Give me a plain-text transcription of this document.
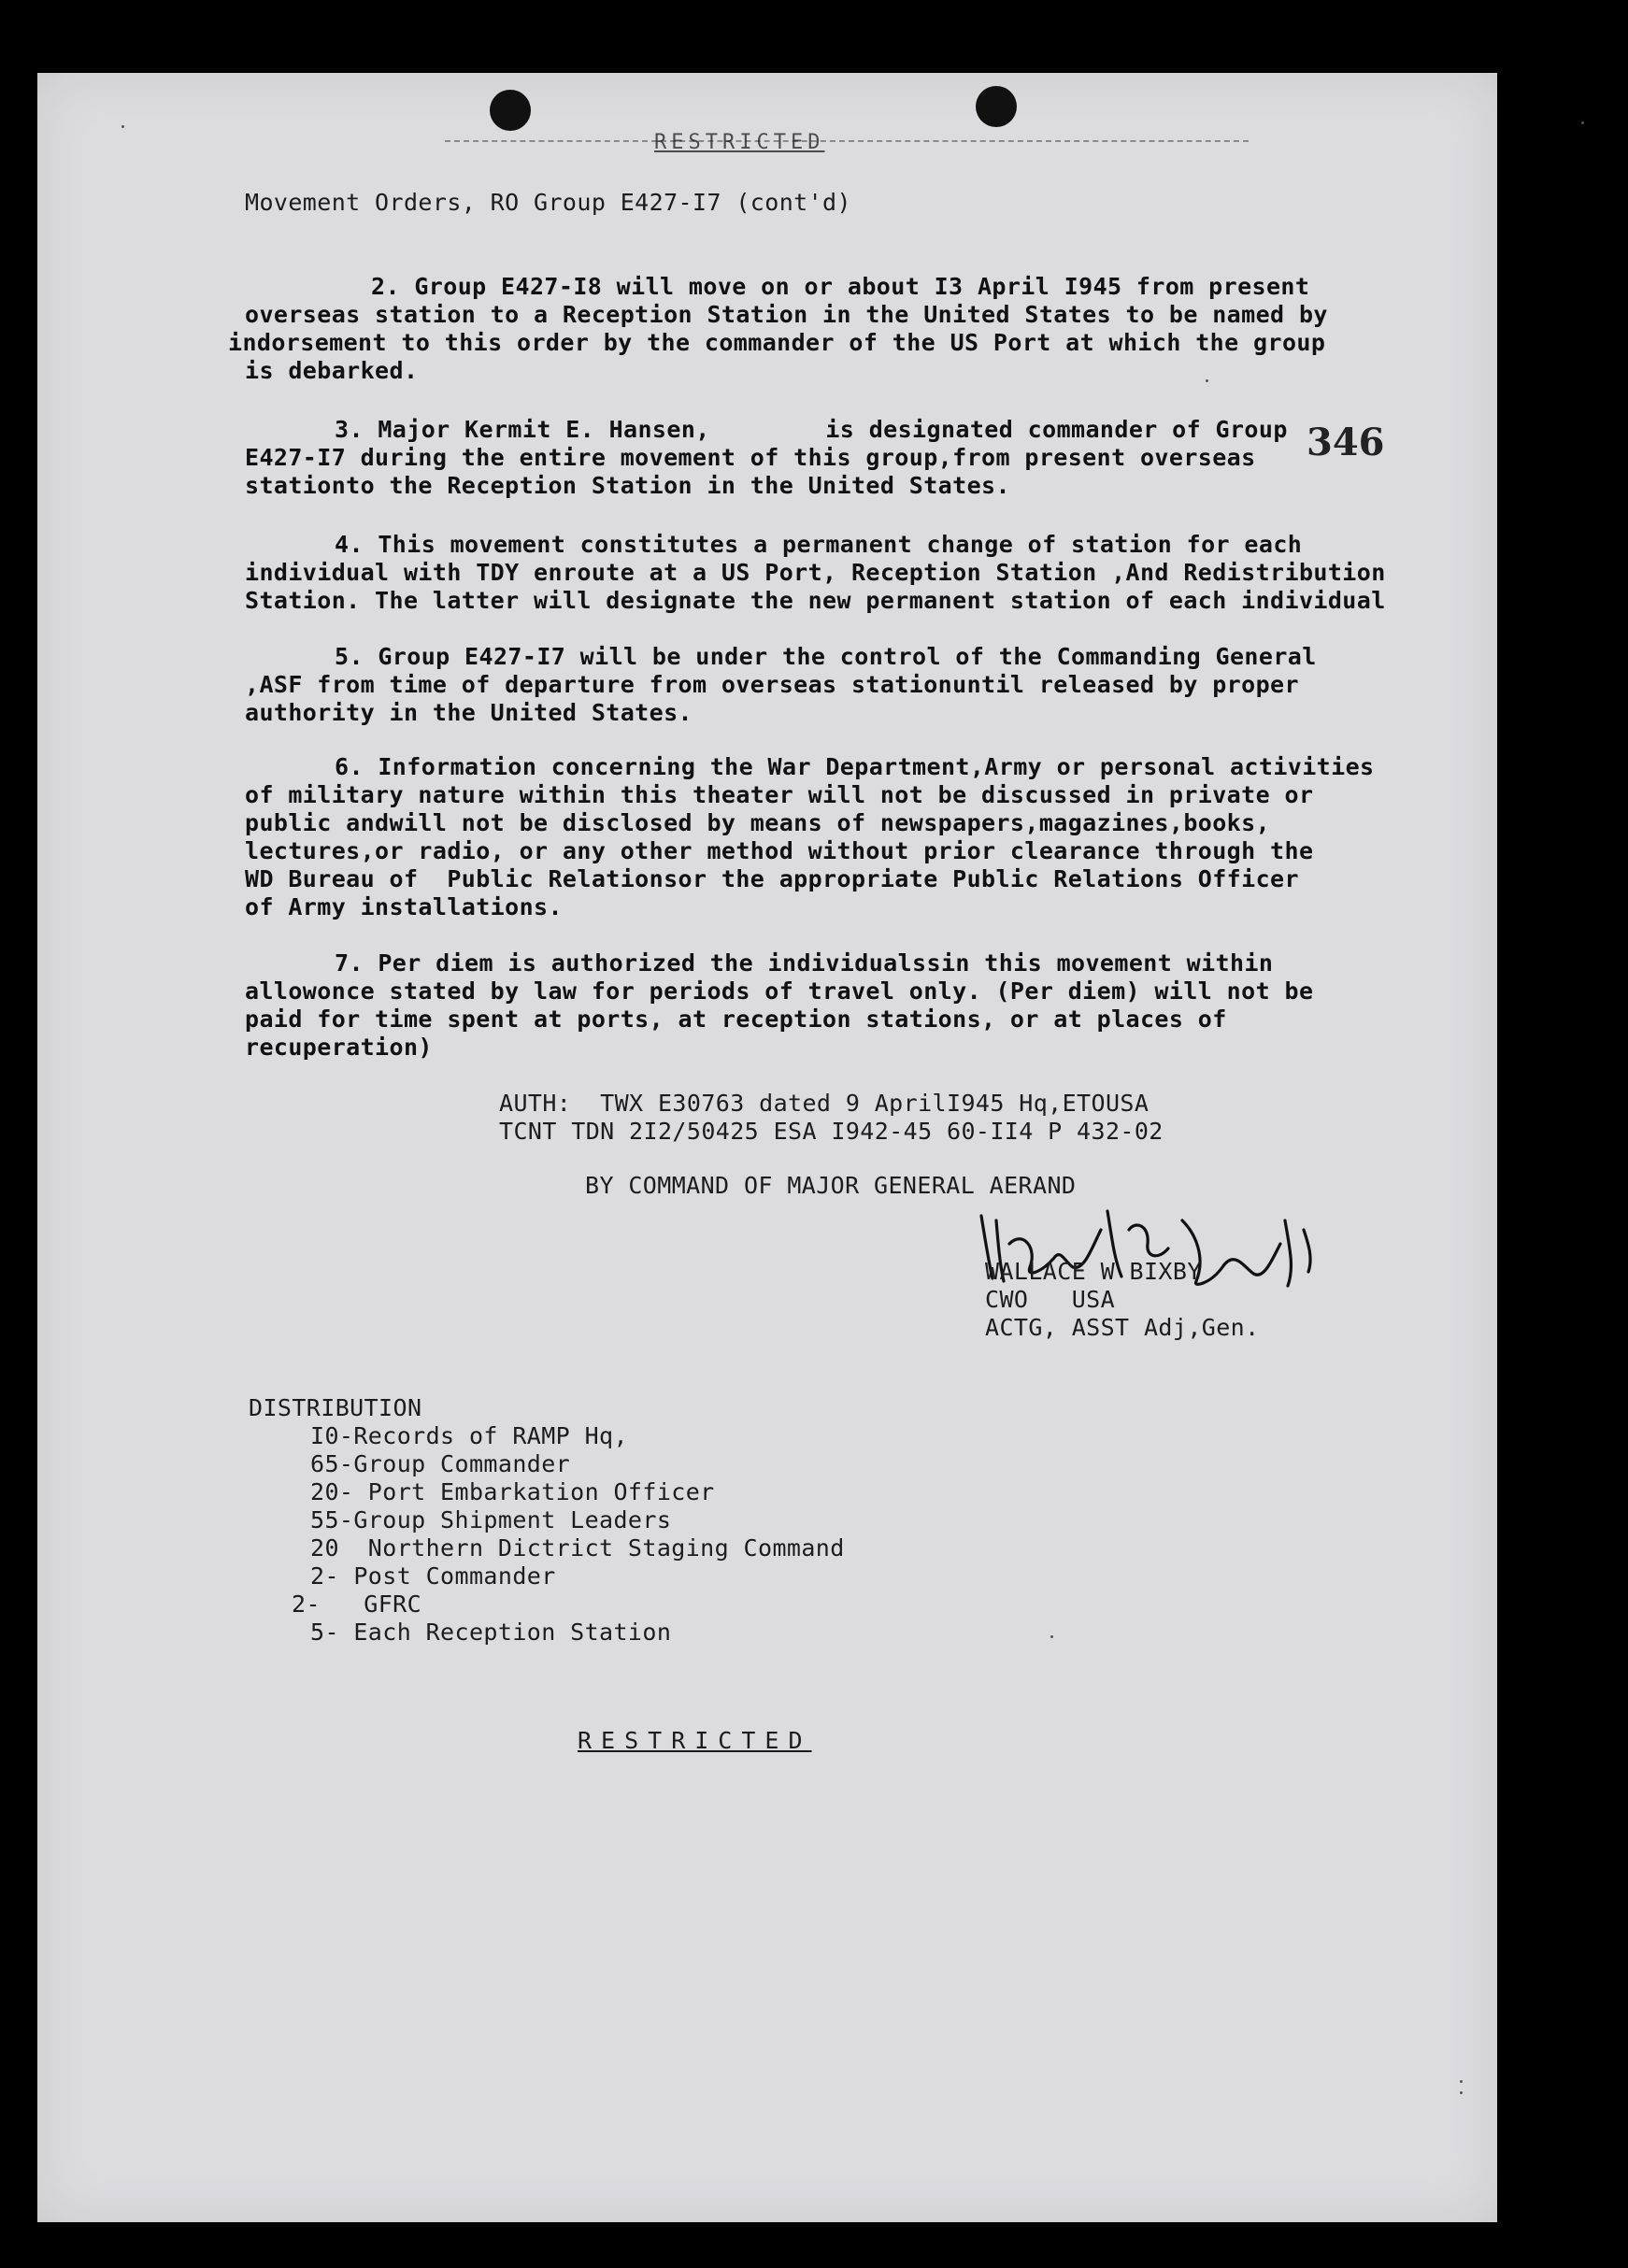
RESTRICTED
Movement Orders, RO Group E427-I7 (cont'd)
2. Group E427-I8 will move on or about I3 April I945 from present
overseas station to a Reception Station in the United States to be named by
indorsement to this order by the commander of the US Port at which the group
is debarked.
3. Major Kermit E. Hansen,        is designated commander of Group 346
E427-I7 during the entire movement of this group,from present overseas
stationto the Reception Station in the United States.
4. This movement constitutes a permanent change of station for each
individual with TDY enroute at a US Port, Reception Station ,And Redistribution
Station. The latter will designate the new permanent station of each individual
5. Group E427-I7 will be under the control of the Commanding General
,ASF from time of departure from overseas stationuntil released by proper
authority in the United States.
6. Information concerning the War Department,Army or personal activities
of military nature within this theater will not be discussed in private or
public andwill not be disclosed by means of newspapers,magazines,books,
lectures,or radio, or any other method without prior clearance through the
WD Bureau of  Public Relationsor the appropriate Public Relations Officer
of Army installations.
7. Per diem is authorized the individualssin this movement within
allowonce stated by law for periods of travel only. (Per diem) will not be
paid for time spent at ports, at reception stations, or at places of
recuperation)
AUTH:  TWX E30763 dated 9 AprilI945 Hq,ETOUSA
TCNT TDN 2I2/50425 ESA I942-45 60-II4 P 432-02
BY COMMAND OF MAJOR GENERAL AERAND
WALLACE W BIXBY
CWO   USA
ACTG, ASST Adj,Gen.
DISTRIBUTION
I0-Records of RAMP Hq,
65-Group Commander
20- Port Embarkation Officer
55-Group Shipment Leaders
20  Northern Dictrict Staging Command
2- Post Commander
2-   GFRC
5- Each Reception Station
RESTRICTED
